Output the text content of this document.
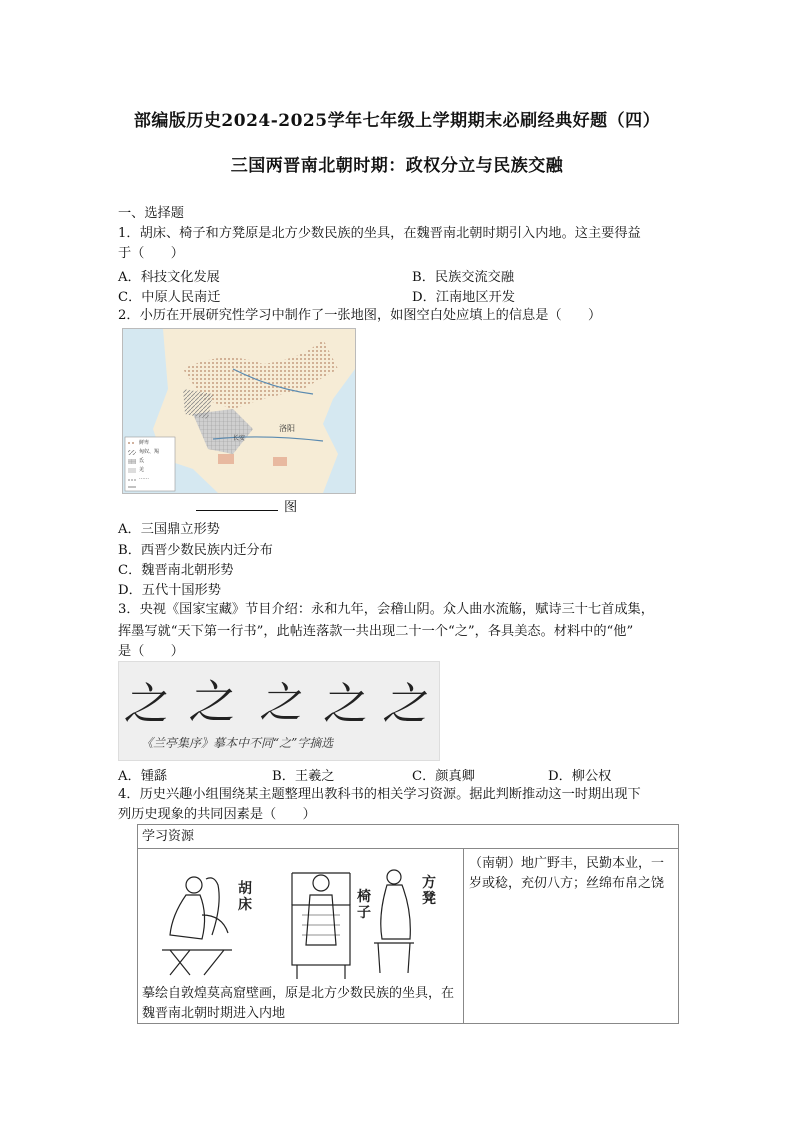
部编版历史2024-2025学年七年级上学期期末必刷经典好题（四）
三国两晋南北朝时期：政权分立与民族交融
一、选择题
1．胡床、椅子和方凳原是北方少数民族的坐具，在魏晋南北朝时期引入内地。这主要得益
于（　　）
A．科技文化发展	B．民族交流交融
C．中原人民南迁	D．江南地区开发
2．小历在开展研究性学习中制作了一张地图，如图空白处应填上的信息是（　　）
洛阳
长安
鲜卑
匈奴、羯
氐
羌
……
图
A．三国鼎立形势
B．西晋少数民族内迁分布
C．魏晋南北朝形势
D．五代十国形势
3．央视《国家宝藏》节目介绍：永和九年，会稽山阴。众人曲水流觞，赋诗三十七首成集，
挥墨写就“天下第一行书”，此帖连落款一共出现二十一个“之”，各具美态。材料中的“他”
是（　　）
之 之 之 之 之
《兰亭集序》摹本中不同“之”字摘选
A．锺繇	B．王羲之	C．颜真卿	D．柳公权
4．历史兴趣小组围绕某主题整理出教科书的相关学习资源。据此判断推动这一时期出现下
列历史现象的共同因素是（　　）
学习资源
（南朝）地广野丰，民勤本业，一岁或稔，充仞八方；丝绵布帛之饶
胡床	椅子
方凳
摹绘自敦煌莫高窟壁画，原是北方少数民族的坐具，在魏晋南北朝时期进入内地
